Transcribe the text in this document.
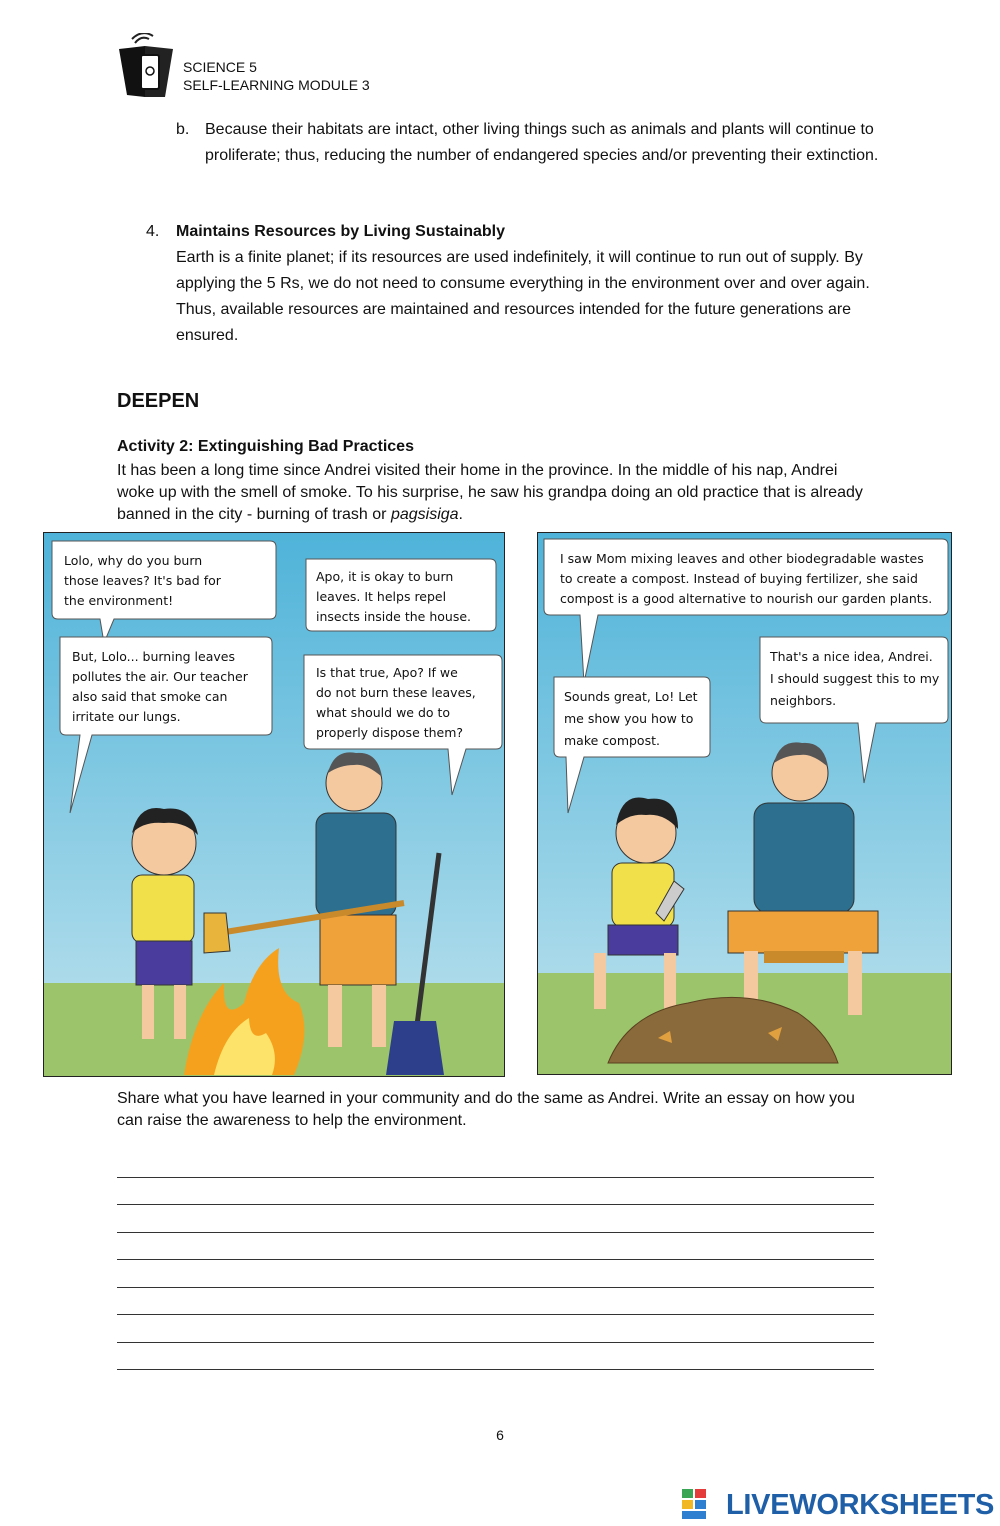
SCIENCE 5
SELF-LEARNING MODULE 3
b. Because their habitats are intact, other living things such as animals and plants will continue to proliferate; thus, reducing the number of endangered species and/or preventing their extinction.
4. Maintains Resources by Living Sustainably
Earth is a finite planet; if its resources are used indefinitely, it will continue to run out of supply. By applying the 5 Rs, we do not need to consume everything in the environment over and over again. Thus, available resources are maintained and resources intended for the future generations are ensured.
DEEPEN
Activity 2: Extinguishing Bad Practices
It has been a long time since Andrei visited their home in the province. In the middle of his nap, Andrei woke up with the smell of smoke. To his surprise, he saw his grandpa doing an old practice that is already banned in the city - burning of trash or pagsisiga.
Lolo, why do you burn
those leaves? It's bad for
the environment!
Apo, it is okay to burn
leaves. It helps repel
insects inside the house.
But, Lolo... burning leaves
pollutes the air. Our teacher
also said that smoke can
irritate our lungs.
Is that true, Apo? If we
do not burn these leaves,
what should we do to
properly dispose them?
I saw Mom mixing leaves and other biodegradable wastes
to create a compost. Instead of buying fertilizer, she said
compost is a good alternative to nourish our garden plants.
That's a nice idea, Andrei.
I should suggest this to my
neighbors.
Sounds great, Lo! Let
me show you how to
make compost.
Share what you have learned in your community and do the same as Andrei. Write an essay on how you can raise the awareness to help the environment.
6
LIVEWORKSHEETS
